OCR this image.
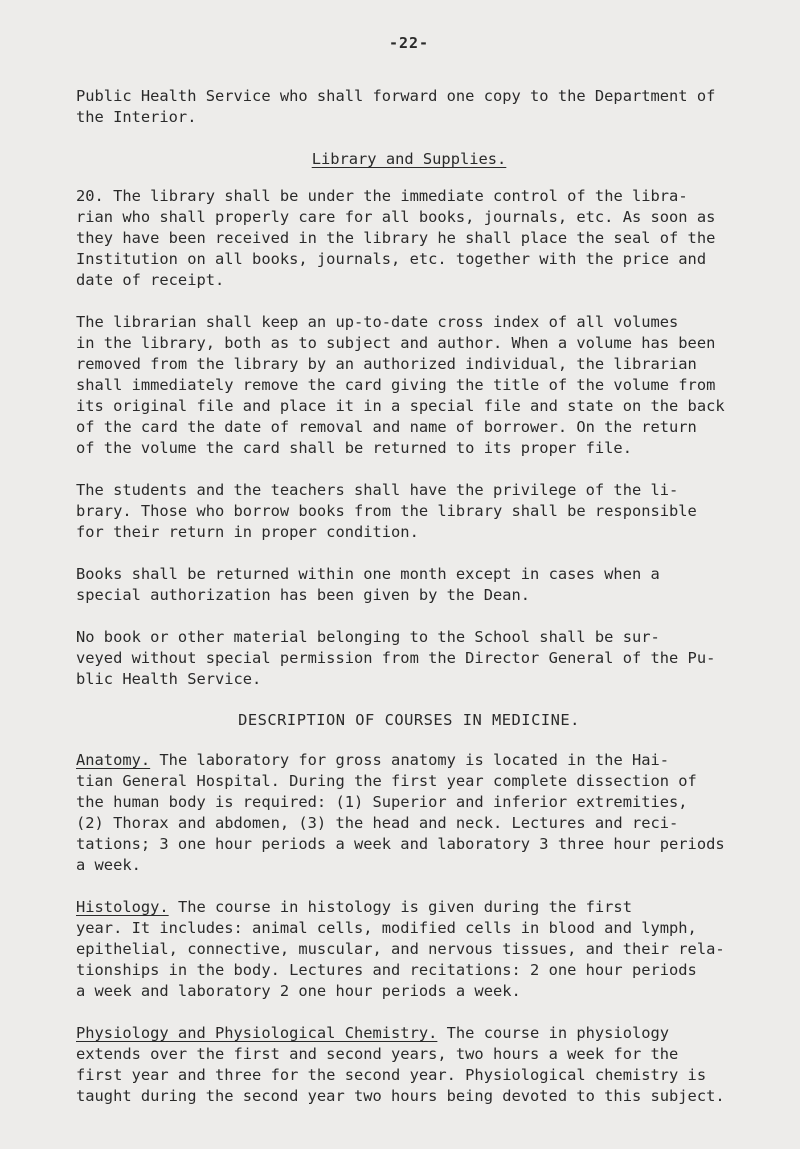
-22-

Public Health Service who shall forward one copy to the Department of
the Interior.

Library and Supplies.

20. The library shall be under the immediate control of the libra-
rian who shall properly care for all books, journals, etc. As soon as
they have been received in the library he shall place the seal of the
Institution on all books, journals, etc. together with the price and
date of receipt.

The librarian shall keep an up-to-date cross index of all volumes
in the library, both as to subject and author. When a volume has been
removed from the library by an authorized individual, the librarian
shall immediately remove the card giving the title of the volume from
its original file and place it in a special file and state on the back
of the card the date of removal and name of borrower. On the return
of the volume the card shall be returned to its proper file.

The students and the teachers shall have the privilege of the li-
brary. Those who borrow books from the library shall be responsible
for their return in proper condition.

Books shall be returned within one month except in cases when a
special authorization has been given by the Dean.

No book or other material belonging to the School shall be sur-
veyed without special permission from the Director General of the Pu-
blic Health Service.

DESCRIPTION OF COURSES IN MEDICINE.

Anatomy. The laboratory for gross anatomy is located in the Hai-
tian General Hospital. During the first year complete dissection of
the human body is required: (1) Superior and inferior extremities,
(2) Thorax and abdomen, (3) the head and neck. Lectures and reci-
tations; 3 one hour periods a week and laboratory 3 three hour periods
a week.

Histology. The course in histology is given during the first
year. It includes: animal cells, modified cells in blood and lymph,
epithelial, connective, muscular, and nervous tissues, and their rela-
tionships in the body. Lectures and recitations: 2 one hour periods
a week and laboratory 2 one hour periods a week.

Physiology and Physiological Chemistry. The course in physiology
extends over the first and second years, two hours a week for the
first year and three for the second year. Physiological chemistry is
taught during the second year two hours being devoted to this subject.
